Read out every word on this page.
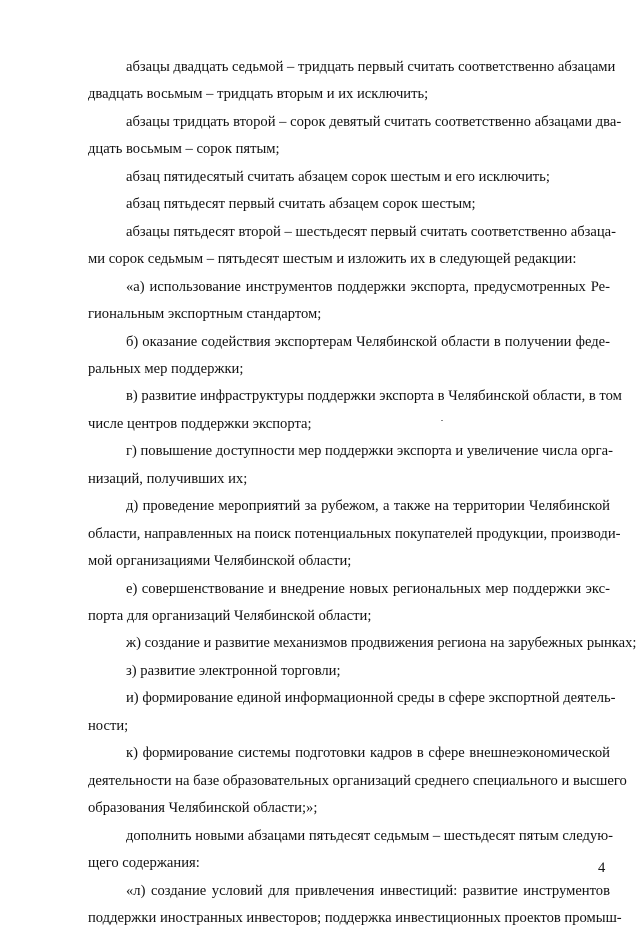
абзацы двадцать седьмой – тридцать первый считать соответственно абзацами
двадцать восьмым – тридцать вторым и их исключить;
абзацы тридцать второй – сорок девятый считать соответственно абзацами два-
дцать восьмым – сорок пятым;
абзац пятидесятый считать абзацем сорок шестым и его исключить;
абзац пятьдесят первый считать абзацем сорок шестым;
абзацы пятьдесят второй – шестьдесят первый считать соответственно абзаца-
ми сорок седьмым – пятьдесят шестым и изложить их в следующей редакции:
«а) использование инструментов поддержки экспорта, предусмотренных Ре-
гиональным экспортным стандартом;
б) оказание содействия экспортерам Челябинской области в получении феде-
ральных мер поддержки;
в) развитие инфраструктуры поддержки экспорта в Челябинской области, в том
числе центров поддержки экспорта;
г) повышение доступности мер поддержки экспорта и увеличение числа орга-
низаций, получивших их;
д) проведение мероприятий за рубежом, а также на территории Челябинской
области, направленных на поиск потенциальных покупателей продукции, производи-
мой организациями Челябинской области;
е) совершенствование и внедрение новых региональных мер поддержки экс-
порта для организаций Челябинской области;
ж) создание и развитие механизмов продвижения региона на зарубежных рынках;
з) развитие электронной торговли;
и) формирование единой информационной среды в сфере экспортной деятель-
ности;
к) формирование системы подготовки кадров в сфере внешнеэкономической
деятельности на базе образовательных организаций среднего специального и высшего
образования Челябинской области;»;
дополнить новыми абзацами пятьдесят седьмым – шестьдесят пятым следую-
щего содержания:
«л) создание условий для привлечения инвестиций: развитие инструментов
поддержки иностранных инвесторов; поддержка инвестиционных проектов промыш-
4
